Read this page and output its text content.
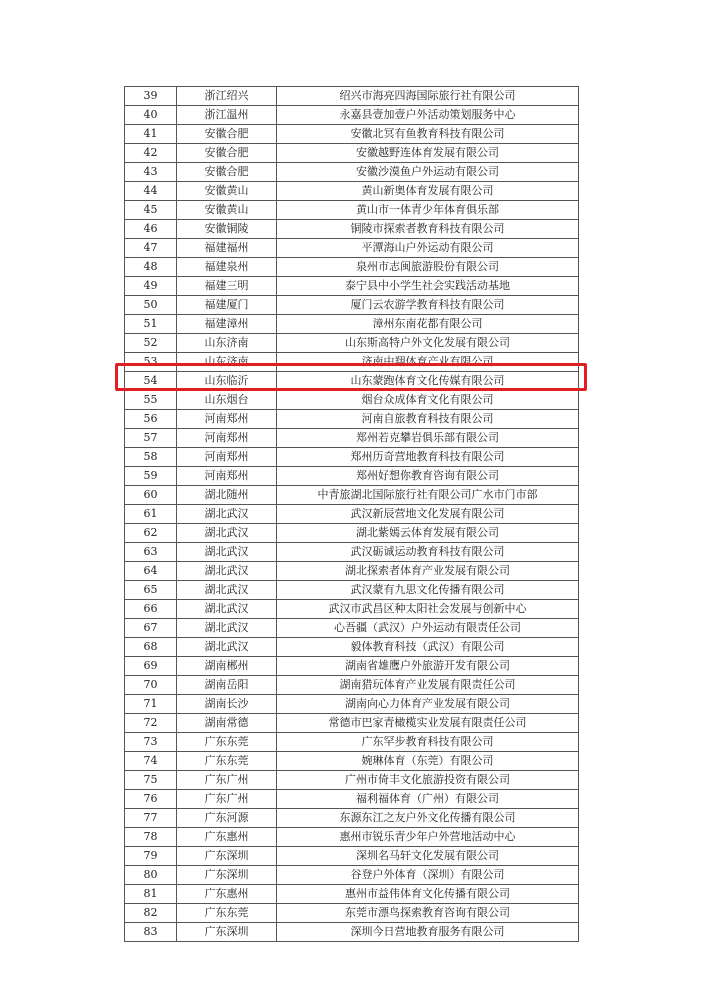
39	浙江绍兴	绍兴市海亮四海国际旅行社有限公司
40	浙江温州	永嘉县壹加壹户外活动策划服务中心
41	安徽合肥	安徽北冥有鱼教育科技有限公司
42	安徽合肥	安徽越野连体育发展有限公司
43	安徽合肥	安徽沙漠鱼户外运动有限公司
44	安徽黄山	黄山新奥体育发展有限公司
45	安徽黄山	黄山市一体青少年体育俱乐部
46	安徽铜陵	铜陵市探索者教育科技有限公司
47	福建福州	平潭海山户外运动有限公司
48	福建泉州	泉州市志闽旅游股份有限公司
49	福建三明	泰宁县中小学生社会实践活动基地
50	福建厦门	厦门云农游学教育科技有限公司
51	福建漳州	漳州东南花都有限公司
52	山东济南	山东斯高特户外文化发展有限公司
53	山东济南	济南中翔体育产业有限公司
54	山东临沂	山东蒙跑体育文化传媒有限公司
55	山东烟台	烟台众成体育文化有限公司
56	河南郑州	河南自旅教育科技有限公司
57	河南郑州	郑州若克攀岩俱乐部有限公司
58	河南郑州	郑州历奇营地教育科技有限公司
59	河南郑州	郑州好想你教育咨询有限公司
60	湖北随州	中青旅湖北国际旅行社有限公司广水市门市部
61	湖北武汉	武汉新辰营地文化发展有限公司
62	湖北武汉	湖北紫嫣云体育发展有限公司
63	湖北武汉	武汉砺诚运动教育科技有限公司
64	湖北武汉	湖北探索者体育产业发展有限公司
65	湖北武汉	武汉蒙有九思文化传播有限公司
66	湖北武汉	武汉市武昌区种太阳社会发展与创新中心
67	湖北武汉	心吾疆（武汉）户外运动有限责任公司
68	湖北武汉	毅体教育科技（武汉）有限公司
69	湖南郴州	湖南省雄鹰户外旅游开发有限公司
70	湖南岳阳	湖南猎玩体育产业发展有限责任公司
71	湖南长沙	湖南向心力体育产业发展有限公司
72	湖南常德	常德市巴家青橄榄实业发展有限责任公司
73	广东东莞	广东罕步教育科技有限公司
74	广东东莞	婉琳体育（东莞）有限公司
75	广东广州	广州市倚丰文化旅游投资有限公司
76	广东广州	福利福体育（广州）有限公司
77	广东河源	东源东江之友户外文化传播有限公司
78	广东惠州	惠州市锐乐青少年户外营地活动中心
79	广东深圳	深圳名马轩文化发展有限公司
80	广东深圳	谷登户外体育（深圳）有限公司
81	广东惠州	惠州市益伟体育文化传播有限公司
82	广东东莞	东莞市漂鸟探索教育咨询有限公司
83	广东深圳	深圳今日营地教育服务有限公司
